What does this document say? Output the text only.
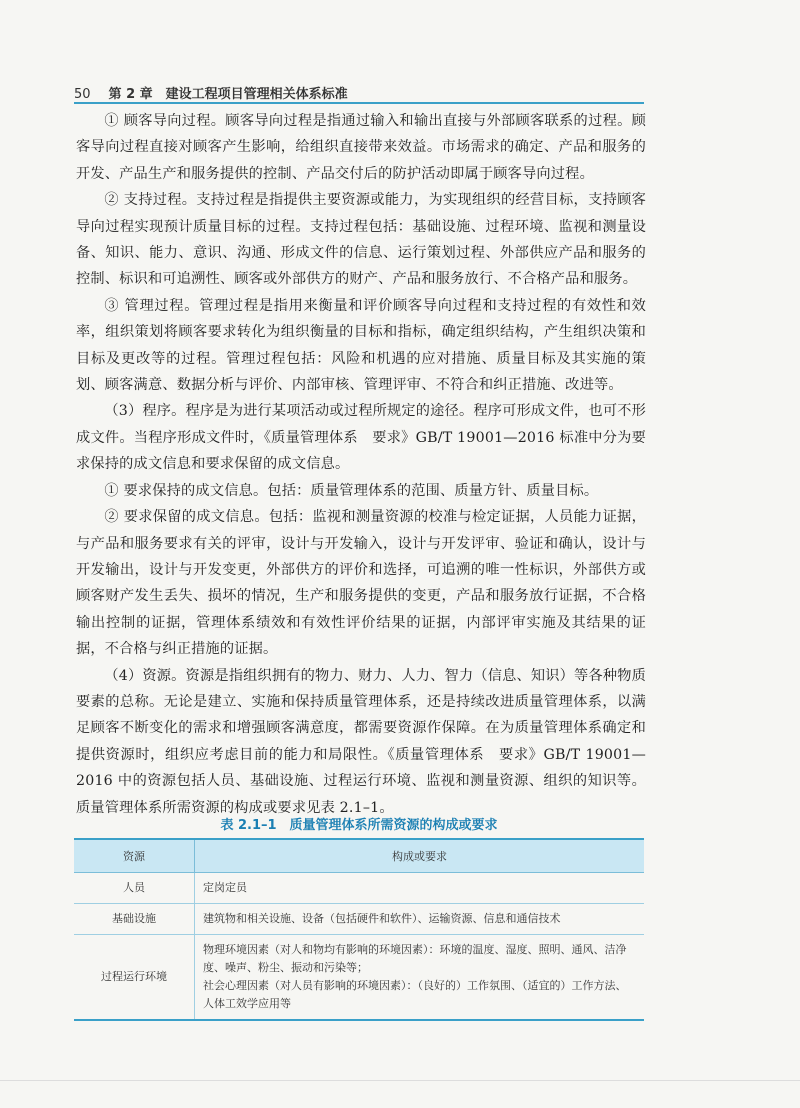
50 第 2 章　建设工程项目管理相关体系标准

① 顾客导向过程。顾客导向过程是指通过输入和输出直接与外部顾客联系的过程。顾客导向过程直接对顾客产生影响，给组织直接带来效益。市场需求的确定、产品和服务的开发、产品生产和服务提供的控制、产品交付后的防护活动即属于顾客导向过程。

② 支持过程。支持过程是指提供主要资源或能力，为实现组织的经营目标，支持顾客导向过程实现预计质量目标的过程。支持过程包括：基础设施、过程环境、监视和测量设备、知识、能力、意识、沟通、形成文件的信息、运行策划过程、外部供应产品和服务的控制、标识和可追溯性、顾客或外部供方的财产、产品和服务放行、不合格产品和服务。

③ 管理过程。管理过程是指用来衡量和评价顾客导向过程和支持过程的有效性和效率，组织策划将顾客要求转化为组织衡量的目标和指标，确定组织结构，产生组织决策和目标及更改等的过程。管理过程包括：风险和机遇的应对措施、质量目标及其实施的策划、顾客满意、数据分析与评价、内部审核、管理评审、不符合和纠正措施、改进等。

（3）程序。程序是为进行某项活动或过程所规定的途径。程序可形成文件，也可不形成文件。当程序形成文件时，《质量管理体系　要求》GB/T 19001—2016 标准中分为要求保持的成文信息和要求保留的成文信息。

① 要求保持的成文信息。包括：质量管理体系的范围、质量方针、质量目标。

② 要求保留的成文信息。包括：监视和测量资源的校准与检定证据，人员能力证据，与产品和服务要求有关的评审，设计与开发输入，设计与开发评审、验证和确认，设计与开发输出，设计与开发变更，外部供方的评价和选择，可追溯的唯一性标识，外部供方或顾客财产发生丢失、损坏的情况，生产和服务提供的变更，产品和服务放行证据，不合格输出控制的证据，管理体系绩效和有效性评价结果的证据，内部评审实施及其结果的证据，不合格与纠正措施的证据。

（4）资源。资源是指组织拥有的物力、财力、人力、智力（信息、知识）等各种物质要素的总称。无论是建立、实施和保持质量管理体系，还是持续改进质量管理体系，以满足顾客不断变化的需求和增强顾客满意度，都需要资源作保障。在为质量管理体系确定和提供资源时，组织应考虑目前的能力和局限性。《质量管理体系　要求》GB/T 19001—2016 中的资源包括人员、基础设施、过程运行环境、监视和测量资源、组织的知识等。质量管理体系所需资源的构成或要求见表 2.1–1。

表 2.1–1　质量管理体系所需资源的构成或要求
资源	构成或要求
人员	定岗定员
基础设施	建筑物和相关设施、设备（包括硬件和软件）、运输资源、信息和通信技术
过程运行环境	物理环境因素（对人和物均有影响的环境因素）：环境的温度、湿度、照明、通风、洁净度、噪声、粉尘、振动和污染等；
社会心理因素（对人员有影响的环境因素）：（良好的）工作氛围、（适宜的）工作方法、人体工效学应用等
